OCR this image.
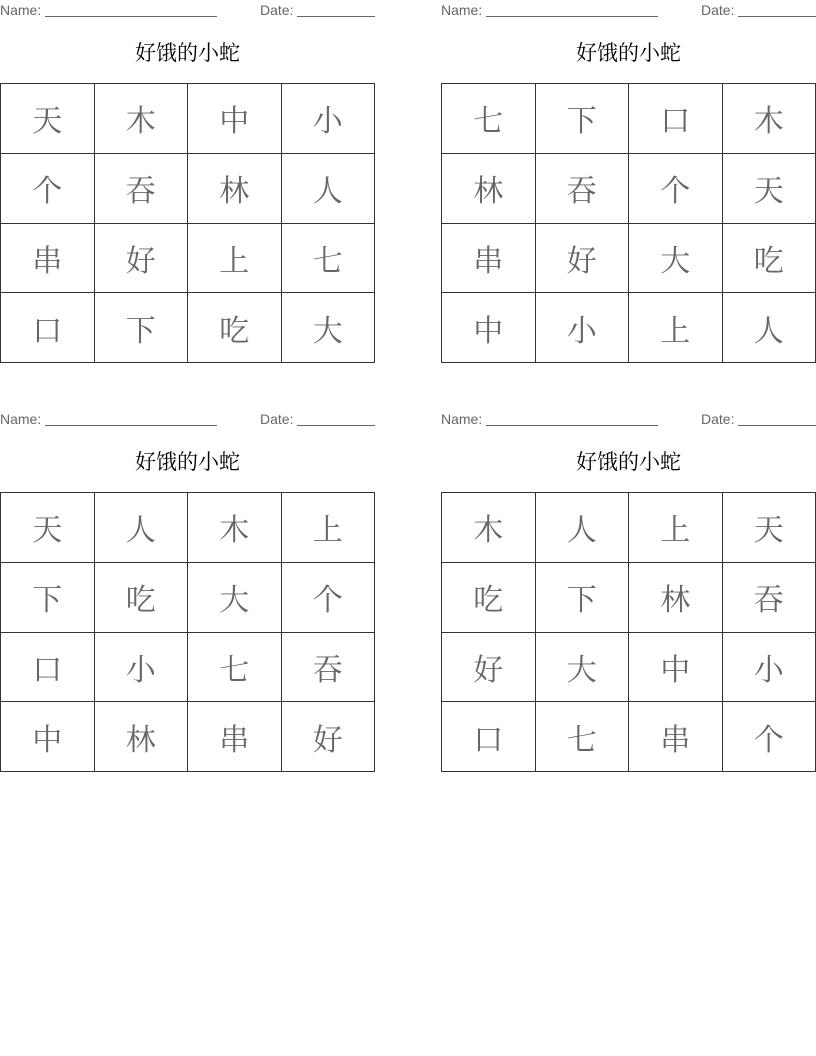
Name:	Date:
好饿的小蛇
天	木	中	小
个	吞	林	人
串	好	上	七
口	下	吃	大
Name:	Date:
好饿的小蛇
七	下	口	木
林	吞	个	天
串	好	大	吃
中	小	上	人
Name:	Date:
好饿的小蛇
天	人	木	上
下	吃	大	个
口	小	七	吞
中	林	串	好
Name:	Date:
好饿的小蛇
木	人	上	天
吃	下	林	吞
好	大	中	小
口	七	串	个
